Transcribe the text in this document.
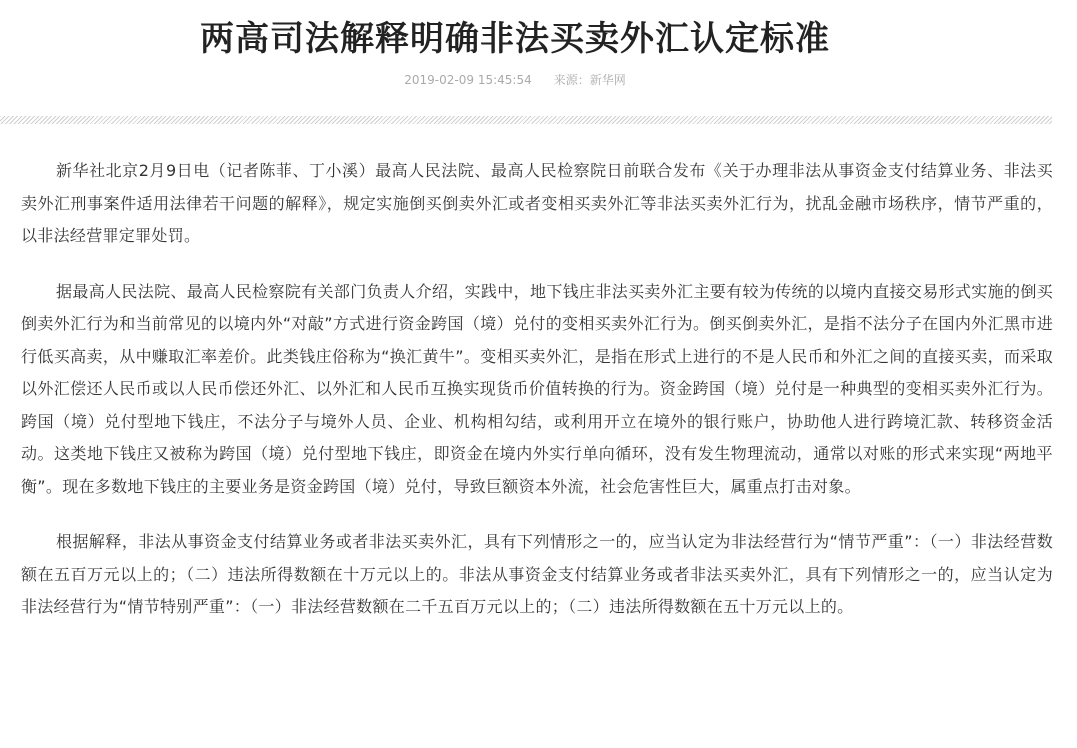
两高司法解释明确非法买卖外汇认定标准
2019-02-09 15:45:54 来源：新华网

新华社北京2月9日电（记者陈菲、丁小溪）最高人民法院、最高人民检察院日前联合发布《关于办理非法从事资金支付结算业务、非法买卖外汇刑事案件适用法律若干问题的解释》，规定实施倒买倒卖外汇或者变相买卖外汇等非法买卖外汇行为，扰乱金融市场秩序，情节严重的，以非法经营罪定罪处罚。

据最高人民法院、最高人民检察院有关部门负责人介绍，实践中，地下钱庄非法买卖外汇主要有较为传统的以境内直接交易形式实施的倒买倒卖外汇行为和当前常见的以境内外“对敲”方式进行资金跨国（境）兑付的变相买卖外汇行为。倒买倒卖外汇，是指不法分子在国内外汇黑市进行低买高卖，从中赚取汇率差价。此类钱庄俗称为“换汇黄牛”。变相买卖外汇，是指在形式上进行的不是人民币和外汇之间的直接买卖，而采取以外汇偿还人民币或以人民币偿还外汇、以外汇和人民币互换实现货币价值转换的行为。资金跨国（境）兑付是一种典型的变相买卖外汇行为。跨国（境）兑付型地下钱庄，不法分子与境外人员、企业、机构相勾结，或利用开立在境外的银行账户，协助他人进行跨境汇款、转移资金活动。这类地下钱庄又被称为跨国（境）兑付型地下钱庄，即资金在境内外实行单向循环，没有发生物理流动，通常以对账的形式来实现“两地平衡”。现在多数地下钱庄的主要业务是资金跨国（境）兑付，导致巨额资本外流，社会危害性巨大，属重点打击对象。

根据解释，非法从事资金支付结算业务或者非法买卖外汇，具有下列情形之一的，应当认定为非法经营行为“情节严重”：（一）非法经营数额在五百万元以上的；（二）违法所得数额在十万元以上的。非法从事资金支付结算业务或者非法买卖外汇，具有下列情形之一的，应当认定为非法经营行为“情节特别严重”：（一）非法经营数额在二千五百万元以上的；（二）违法所得数额在五十万元以上的。
